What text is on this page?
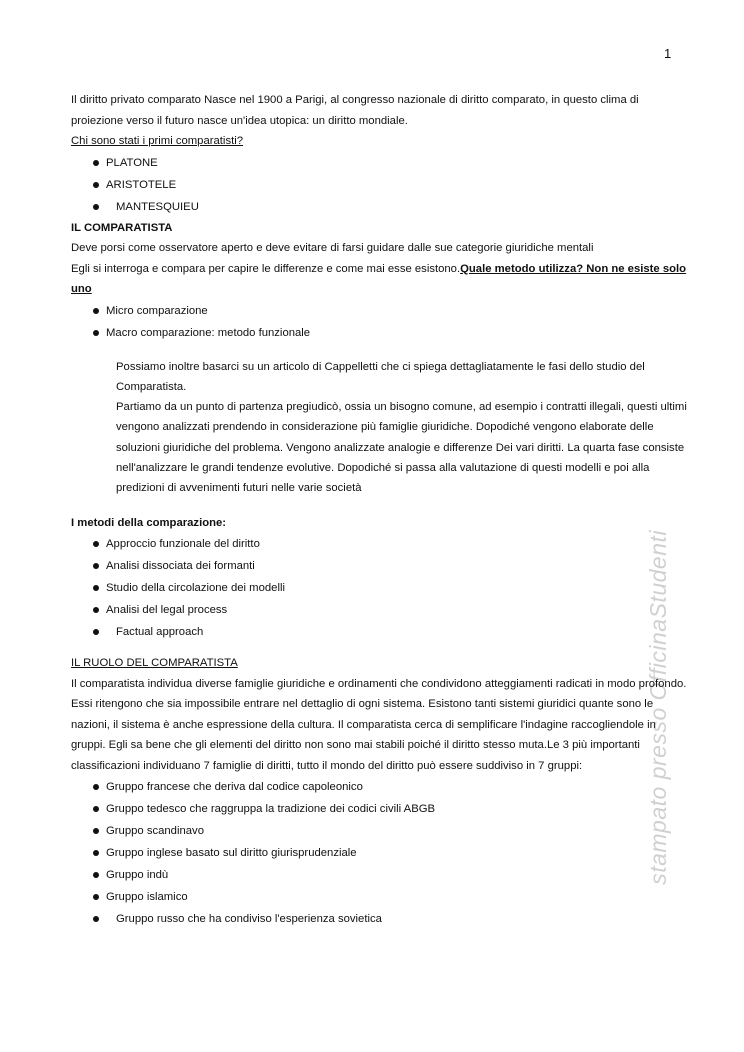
1
stampato presso OfficinaStudenti

Il diritto privato comparato Nasce nel 1900 a Parigi, al congresso nazionale di diritto comparato, in questo clima di proiezione verso il futuro nasce un'idea utopica: un diritto mondiale.

Chi sono stati i primi comparatisti?

PLATONE
ARISTOTELE
MANTESQUIEU

IL COMPARATISTA

Deve porsi come osservatore aperto e deve evitare di farsi guidare dalle sue categorie giuridiche mentali

Egli si interroga e compara per capire le differenze e come mai esse esistono.Quale metodo utilizza? Non ne esiste solo uno

Micro comparazione
Macro comparazione: metodo funzionale

Possiamo inoltre basarci su un articolo di Cappelletti che ci spiega dettagliatamente le fasi dello studio del Comparatista.

Partiamo da un punto di partenza pregiudicò, ossia un bisogno comune, ad esempio i contratti illegali, questi ultimi vengono analizzati prendendo in considerazione più famiglie giuridiche. Dopodiché vengono elaborate delle soluzioni giuridiche del problema. Vengono analizzate analogie e differenze Dei vari diritti. La quarta fase consiste nell'analizzare le grandi tendenze evolutive. Dopodiché si passa alla valutazione di questi modelli e poi alla predizioni di avvenimenti futuri nelle varie società

I metodi della comparazione:

Approccio funzionale del diritto
Analisi dissociata dei formanti
Studio della circolazione dei modelli
Analisi del legal process
Factual approach

IL RUOLO DEL COMPARATISTA

Il comparatista individua diverse famiglie giuridiche e ordinamenti che condividono atteggiamenti radicati in modo profondo. Essi ritengono che sia impossibile entrare nel dettaglio di ogni sistema. Esistono tanti sistemi giuridici quante sono le nazioni, il sistema è anche espressione della cultura. Il comparatista cerca di semplificare l'indagine raccogliendole in gruppi. Egli sa bene che gli elementi del diritto non sono mai stabili poiché il diritto stesso muta.Le 3 più importanti classificazioni individuano 7 famiglie di diritti, tutto il mondo del diritto può essere suddiviso in 7 gruppi:

Gruppo francese che deriva dal codice capoleonico
Gruppo tedesco che raggruppa la tradizione dei codici civili ABGB
Gruppo scandinavo
Gruppo inglese basato sul diritto giurisprudenziale
Gruppo indù
Gruppo islamico
Gruppo russo che ha condiviso l'esperienza sovietica
